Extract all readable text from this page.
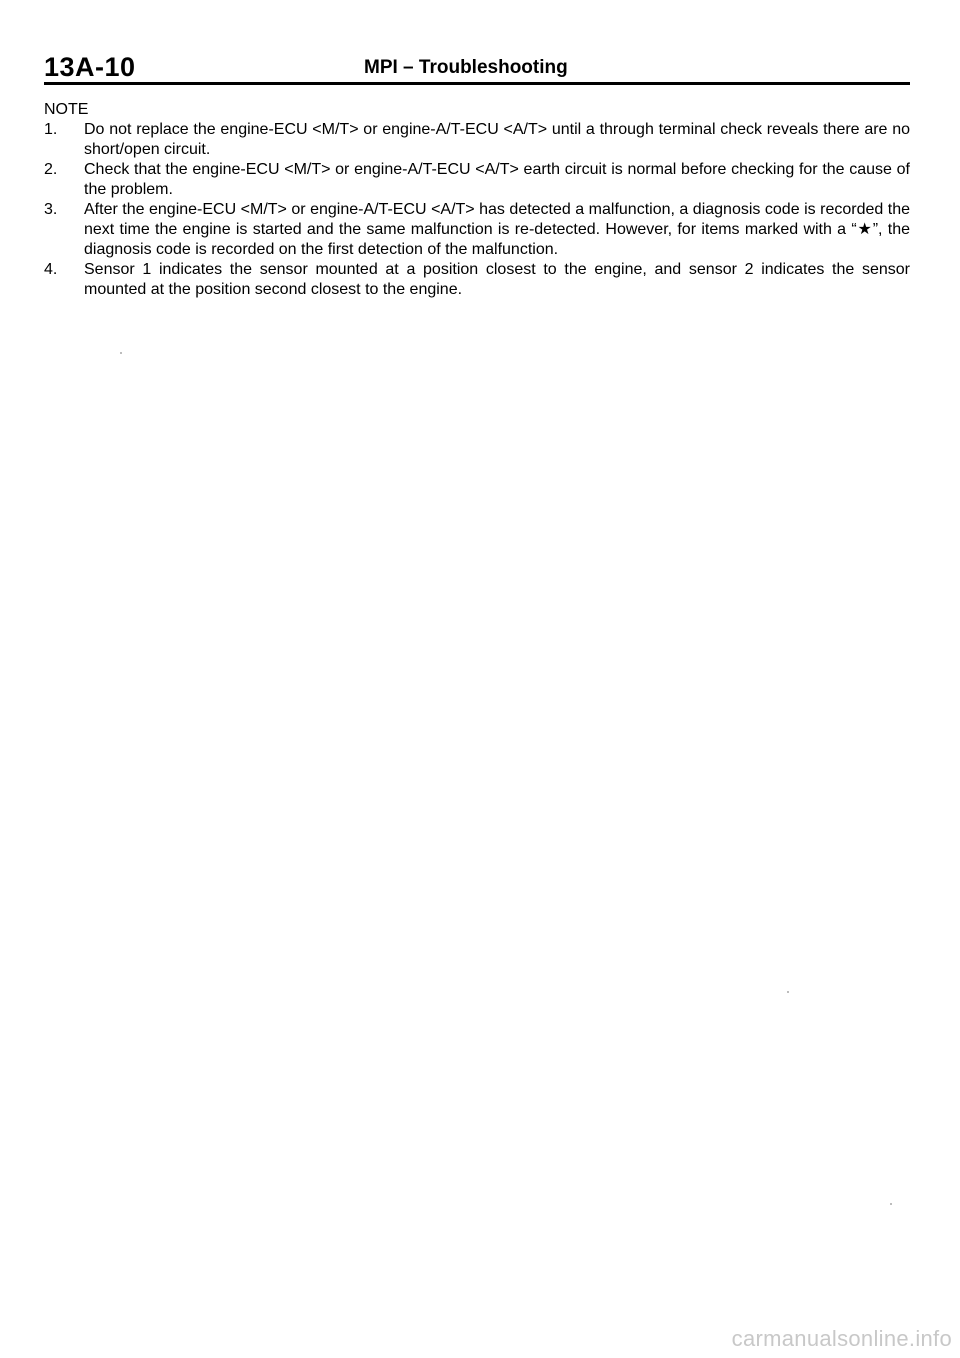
13A-10	MPI – Troubleshooting
NOTE
1. Do not replace the engine-ECU <M/T> or engine-A/T-ECU <A/T> until a through terminal check reveals there are no short/open circuit.
2. Check that the engine-ECU <M/T> or engine-A/T-ECU <A/T> earth circuit is normal before checking for the cause of the problem.
3. After the engine-ECU <M/T> or engine-A/T-ECU <A/T> has detected a malfunction, a diagnosis code is recorded the next time the engine is started and the same malfunction is re-detected. However, for items marked with a “★”, the diagnosis code is recorded on the first detection of the malfunction.
4. Sensor 1 indicates the sensor mounted at a position closest to the engine, and sensor 2 indicates the sensor mounted at the position second closest to the engine.
carmanualsonline.info
